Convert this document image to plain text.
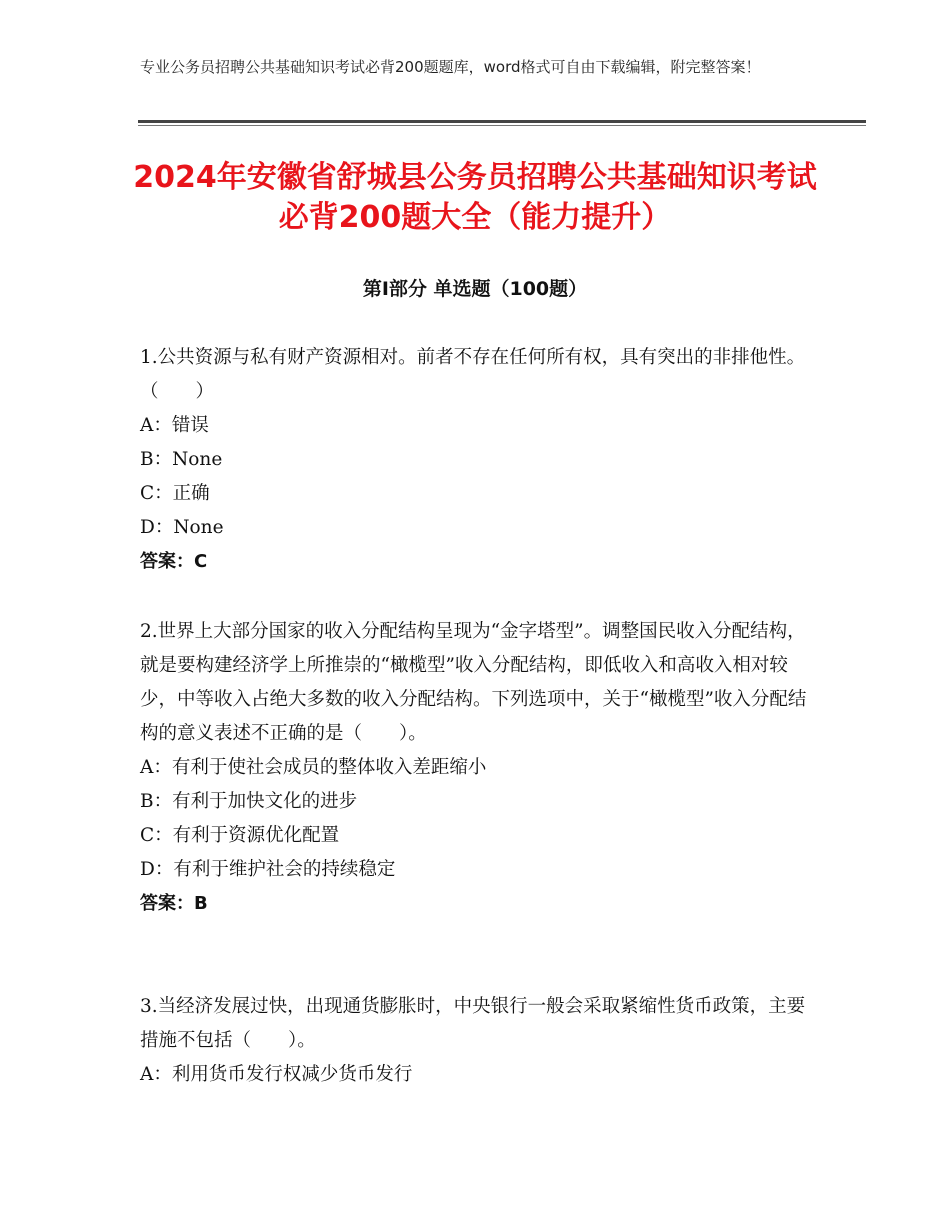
专业公务员招聘公共基础知识考试必背200题题库，word格式可自由下载编辑，附完整答案！
2024年安徽省舒城县公务员招聘公共基础知识考试必背200题大全（能力提升）
第Ⅰ部分 单选题（100题）

1.公共资源与私有财产资源相对。前者不存在任何所有权，具有突出的非排他性。（　　）

A：错误

B：None

C：正确

D：None

答案：C

2.世界上大部分国家的收入分配结构呈现为“金字塔型”。调整国民收入分配结构，就是要构建经济学上所推崇的“橄榄型”收入分配结构，即低收入和高收入相对较少，中等收入占绝大多数的收入分配结构。下列选项中，关于“橄榄型”收入分配结构的意义表述不正确的是（　　）。

A：有利于使社会成员的整体收入差距缩小

B：有利于加快文化的进步

C：有利于资源优化配置

D：有利于维护社会的持续稳定

答案：B

3.当经济发展过快，出现通货膨胀时，中央银行一般会采取紧缩性货币政策，主要措施不包括（　　）。

A：利用货币发行权减少货币发行
